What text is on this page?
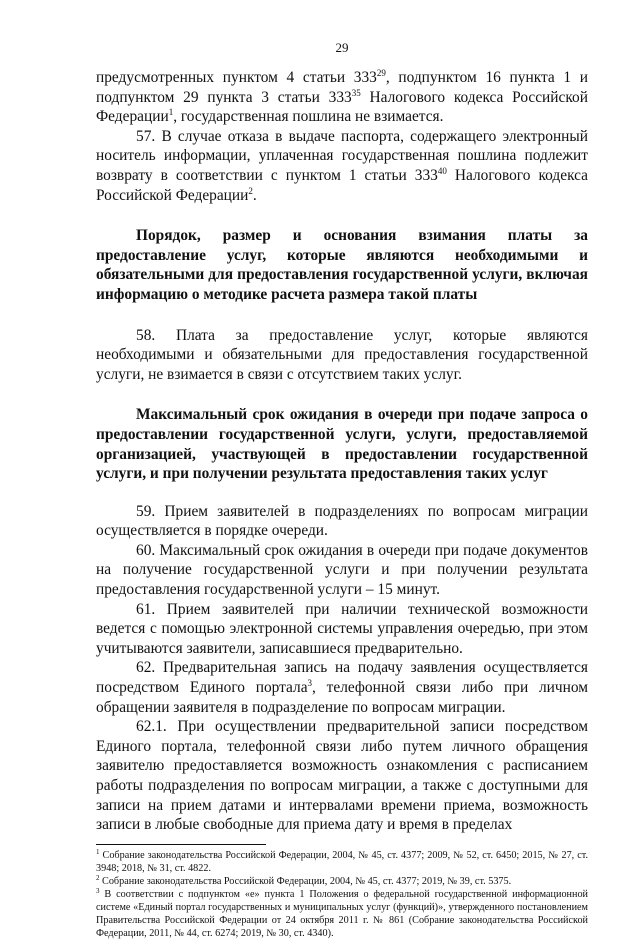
29

предусмотренных пунктом 4 статьи $333^{29}$, подпунктом 16 пункта 1 и подпунктом 29 пункта 3 статьи $333^{35}$ Налогового кодекса Российской Федерации$^1$, государственная пошлина не взимается.

57. В случае отказа в выдаче паспорта, содержащего электронный носитель информации, уплаченная государственная пошлина подлежит возврату в соответствии с пунктом 1 статьи $333^{40}$ Налогового кодекса Российской Федерации$^2$.

Порядок, размер и основания взимания платы за предоставление услуг, которые являются необходимыми и обязательными для предоставления государственной услуги, включая информацию о методике расчета размера такой платы

58. Плата за предоставление услуг, которые являются необходимыми и обязательными для предоставления государственной услуги, не взимается в связи с отсутствием таких услуг.

Максимальный срок ожидания в очереди при подаче запроса о предоставлении государственной услуги, услуги, предоставляемой организацией, участвующей в предоставлении государственной услуги, и при получении результата предоставления таких услуг

59. Прием заявителей в подразделениях по вопросам миграции осуществляется в порядке очереди.

60. Максимальный срок ожидания в очереди при подаче документов на получение государственной услуги и при получении результата предоставления государственной услуги – 15 минут.

61. Прием заявителей при наличии технической возможности ведется с помощью электронной системы управления очередью, при этом учитываются заявители, записавшиеся предварительно.

62. Предварительная запись на подачу заявления осуществляется посредством Единого портала$^3$, телефонной связи либо при личном обращении заявителя в подразделение по вопросам миграции.

62.1. При осуществлении предварительной записи посредством Единого портала, телефонной связи либо путем личного обращения заявителю предоставляется возможность ознакомления с расписанием работы подразделения по вопросам миграции, а также с доступными для записи на прием датами и интервалами времени приема, возможность записи в любые свободные для приема дату и время в пределах

$^1$ Собрание законодательства Российской Федерации, 2004, № 45, ст. 4377; 2009, № 52, ст. 6450; 2015, № 27, ст. 3948; 2018, № 31, ст. 4822.

$^2$ Собрание законодательства Российской Федерации, 2004, № 45, ст. 4377; 2019, № 39, ст. 5375.

$^3$ В соответствии с подпунктом «е» пункта 1 Положения о федеральной государственной информационной системе «Единый портал государственных и муниципальных услуг (функций)», утвержденного постановлением Правительства Российской Федерации от 24 октября 2011 г. № 861 (Собрание законодательства Российской Федерации, 2011, № 44, ст. 6274; 2019, № 30, ст. 4340).
